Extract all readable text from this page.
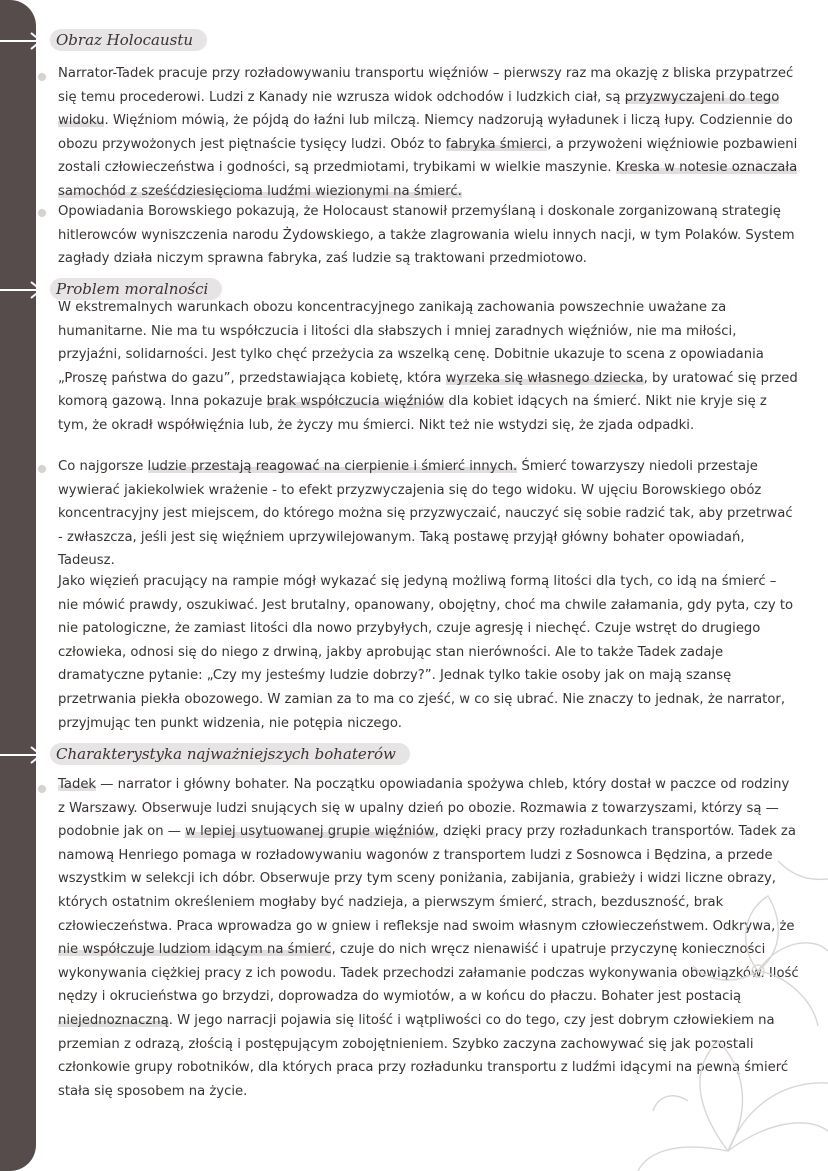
Obraz Holocaustu

Narrator-Tadek pracuje przy rozładowywaniu transportu więźniów – pierwszy raz ma okazję z bliska przypatrzeć się temu procederowi. Ludzi z Kanady nie wzrusza widok odchodów i ludzkich ciał, są przyzwyczajeni do tego widoku. Więźniom mówią, że pójdą do łaźni lub milczą. Niemcy nadzorują wyładunek i liczą łupy. Codziennie do obozu przywożonych jest piętnaście tysięcy ludzi. Obóz to fabryka śmierci, a przywożeni więźniowie pozbawieni zostali człowieczeństwa i godności, są przedmiotami, trybikami w wielkie maszynie. Kreska w notesie oznaczała samochód z sześćdziesięcioma ludźmi wiezionymi na śmierć.

Opowiadania Borowskiego pokazują, że Holocaust stanowił przemyślaną i doskonale zorganizowaną strategię hitlerowców wyniszczenia narodu Żydowskiego, a także zlagrowania wielu innych nacji, w tym Polaków. System zagłady działa niczym sprawna fabryka, zaś ludzie są traktowani przedmiotowo.

Problem moralności

W ekstremalnych warunkach obozu koncentracyjnego zanikają zachowania powszechnie uważane za humanitarne. Nie ma tu współczucia i litości dla słabszych i mniej zaradnych więźniów, nie ma miłości, przyjaźni, solidarności. Jest tylko chęć przeżycia za wszelką cenę. Dobitnie ukazuje to scena z opowiadania „Proszę państwa do gazu”, przedstawiająca kobietę, która wyrzeka się własnego dziecka, by uratować się przed komorą gazową. Inna pokazuje brak współczucia więźniów dla kobiet idących na śmierć. Nikt nie kryje się z tym, że okradł współwięźnia lub, że życzy mu śmierci. Nikt też nie wstydzi się, że zjada odpadki.

Co najgorsze ludzie przestają reagować na cierpienie i śmierć innych. Śmierć towarzyszy niedoli przestaje wywierać jakiekolwiek wrażenie - to efekt przyzwyczajenia się do tego widoku. W ujęciu Borowskiego obóz koncentracyjny jest miejscem, do którego można się przyzwyczaić, nauczyć się sobie radzić tak, aby przetrwać - zwłaszcza, jeśli jest się więźniem uprzywilejowanym. Taką postawę przyjął główny bohater opowiadań, Tadeusz.

Jako więzień pracujący na rampie mógł wykazać się jedyną możliwą formą litości dla tych, co idą na śmierć – nie mówić prawdy, oszukiwać. Jest brutalny, opanowany, obojętny, choć ma chwile załamania, gdy pyta, czy to nie patologiczne, że zamiast litości dla nowo przybyłych, czuje agresję i niechęć. Czuje wstręt do drugiego człowieka, odnosi się do niego z drwiną, jakby aprobując stan nierówności. Ale to także Tadek zadaje dramatyczne pytanie: „Czy my jesteśmy ludzie dobrzy?”. Jednak tylko takie osoby jak on mają szansę przetrwania piekła obozowego. W zamian za to ma co zjeść, w co się ubrać. Nie znaczy to jednak, że narrator, przyjmując ten punkt widzenia, nie potępia niczego.

Charakterystyka najważniejszych bohaterów

Tadek — narrator i główny bohater. Na początku opowiadania spożywa chleb, który dostał w paczce od rodziny z Warszawy. Obserwuje ludzi snujących się w upalny dzień po obozie. Rozmawia z towarzyszami, którzy są — podobnie jak on — w lepiej usytuowanej grupie więźniów, dzięki pracy przy rozładunkach transportów. Tadek za namową Henriego pomaga w rozładowywaniu wagonów z transportem ludzi z Sosnowca i Będzina, a przede wszystkim w selekcji ich dóbr. Obserwuje przy tym sceny poniżania, zabijania, grabieży i widzi liczne obrazy, których ostatnim określeniem mogłaby być nadzieja, a pierwszym śmierć, strach, bezduszność, brak człowieczeństwa. Praca wprowadza go w gniew i refleksje nad swoim własnym człowieczeństwem. Odkrywa, że nie współczuje ludziom idącym na śmierć, czuje do nich wręcz nienawiść i upatruje przyczynę konieczności wykonywania ciężkiej pracy z ich powodu. Tadek przechodzi załamanie podczas wykonywania obowiązków. Ilość nędzy i okrucieństwa go brzydzi, doprowadza do wymiotów, a w końcu do płaczu. Bohater jest postacią niejednoznaczną. W jego narracji pojawia się litość i wątpliwości co do tego, czy jest dobrym człowiekiem na przemian z odrazą, złością i postępującym zobojętnieniem. Szybko zaczyna zachowywać się jak pozostali członkowie grupy robotników, dla których praca przy rozładunku transportu z ludźmi idącymi na pewną śmierć stała się sposobem na życie.
